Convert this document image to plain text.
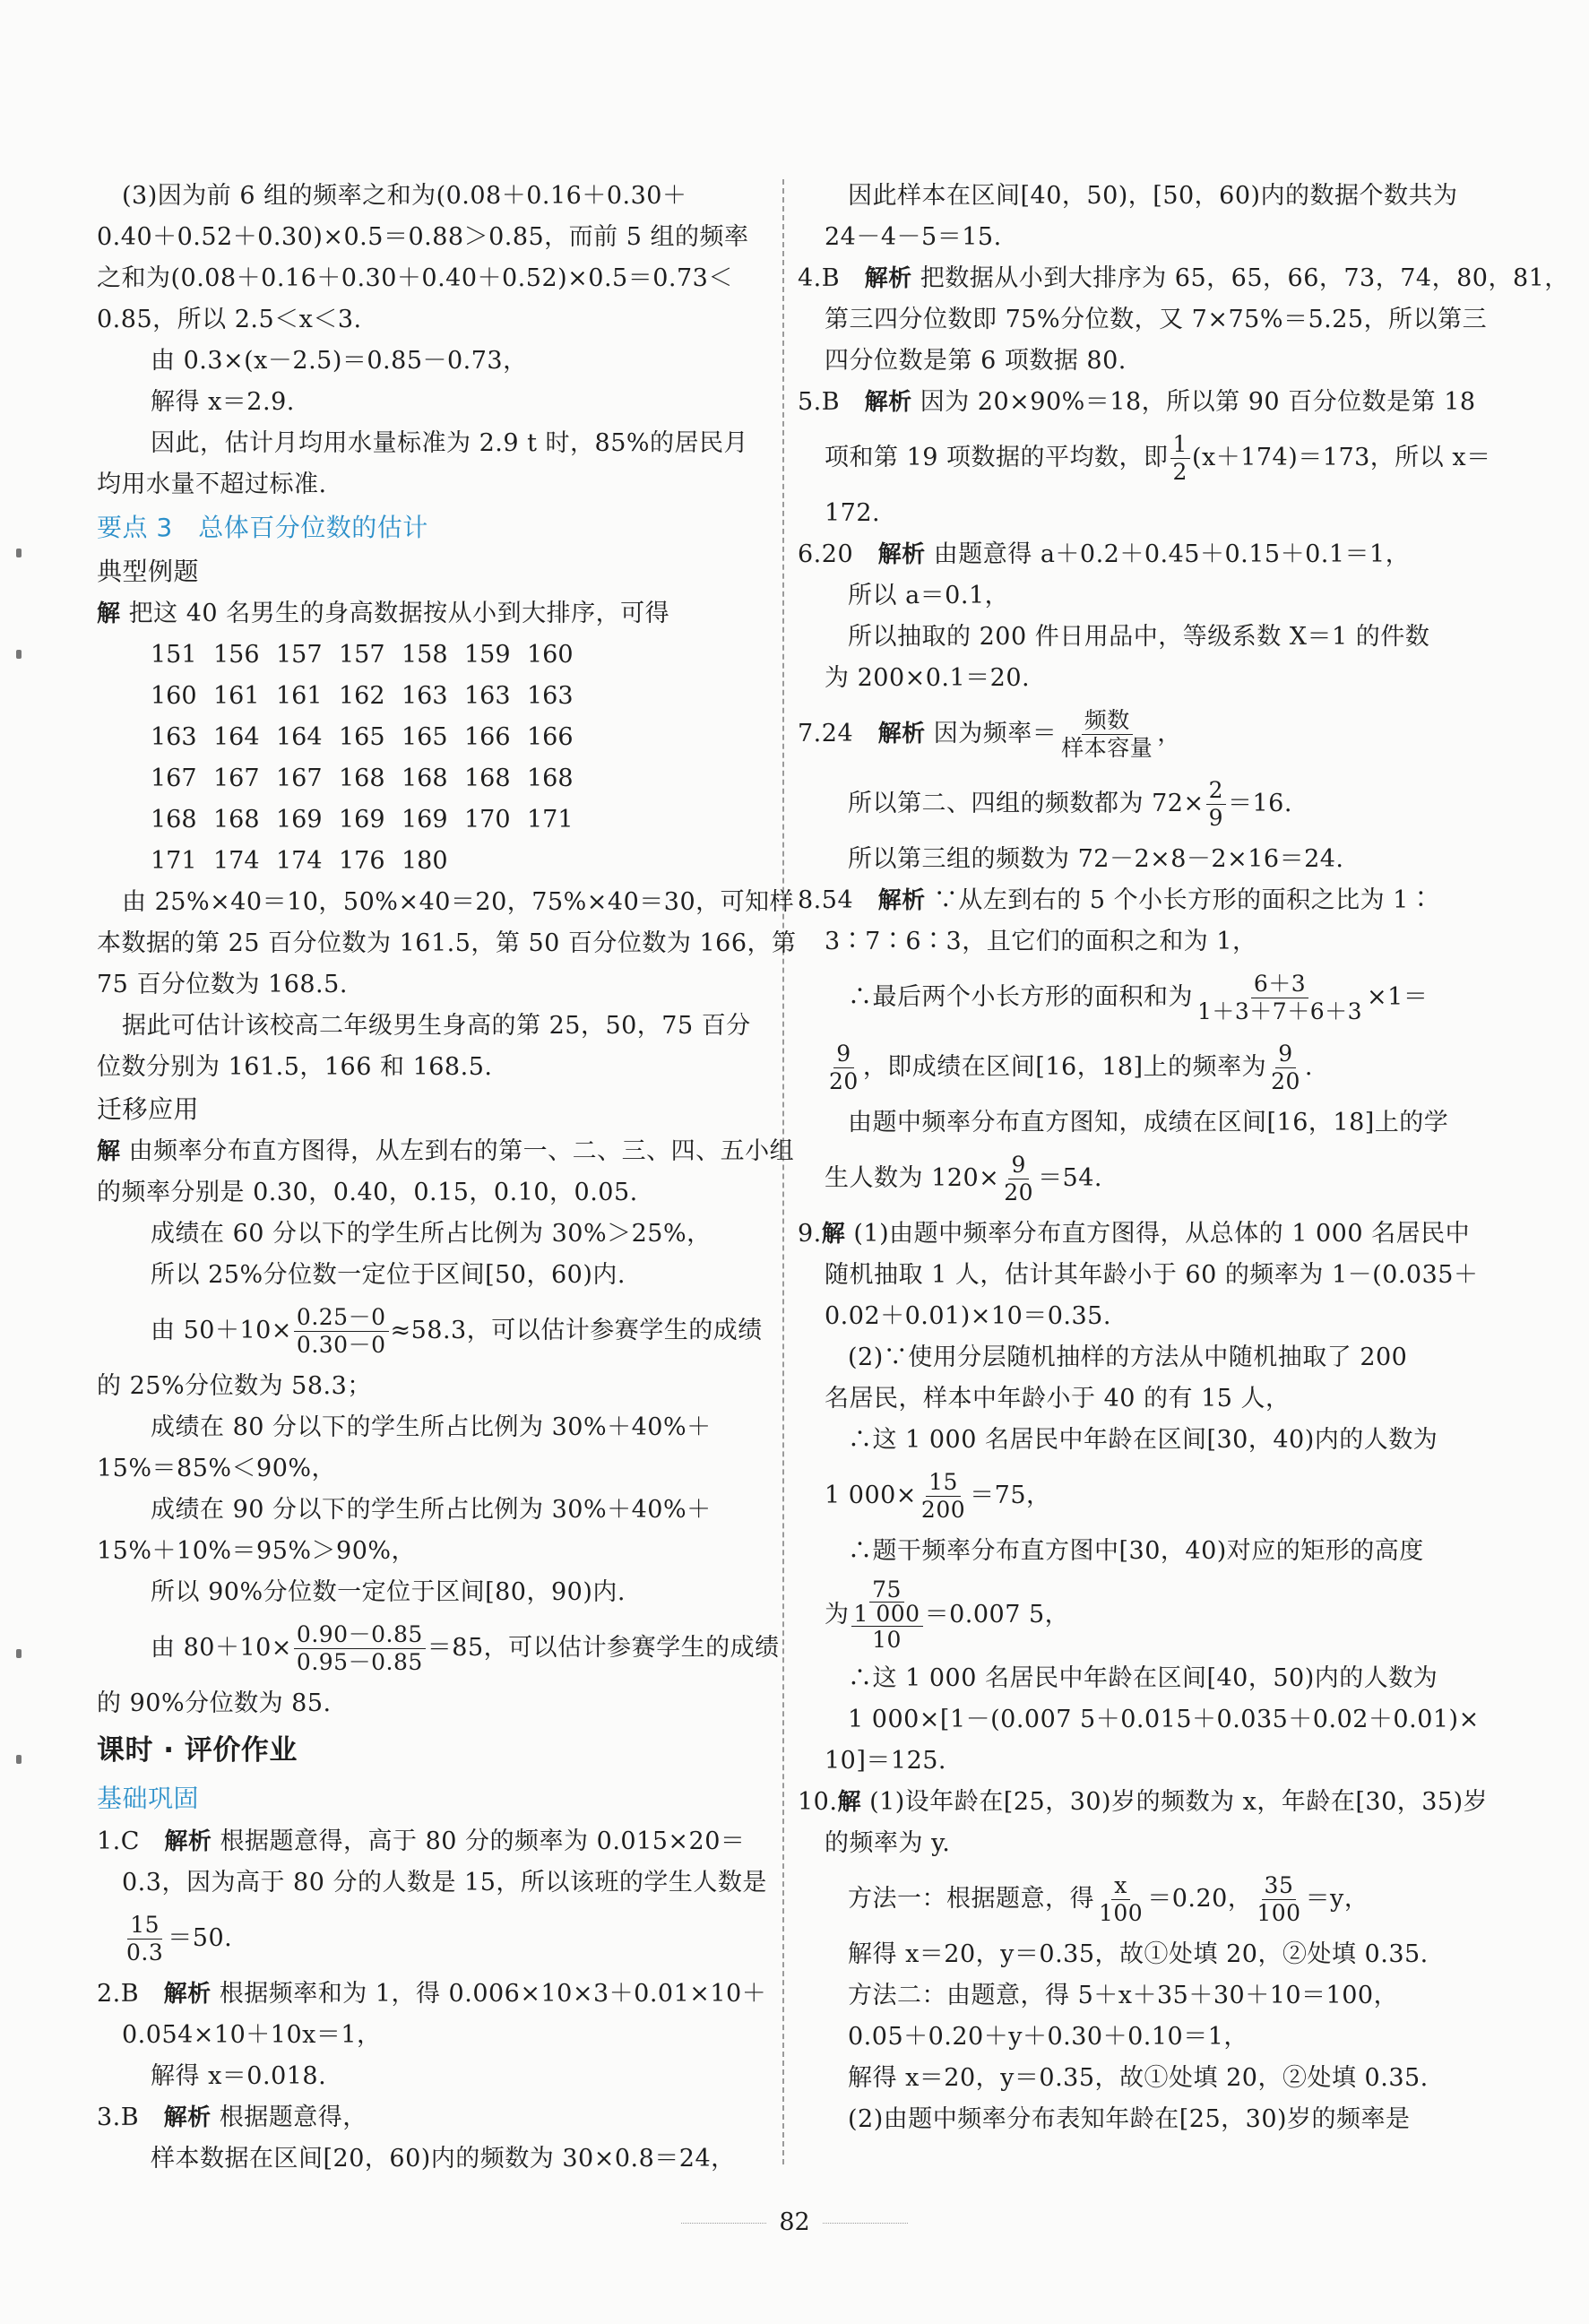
(3)因为前 6 组的频率之和为(0.08＋0.16＋0.30＋
0.40＋0.52＋0.30)×0.5＝0.88＞0.85，而前 5 组的频率
之和为(0.08＋0.16＋0.30＋0.40＋0.52)×0.5＝0.73＜
0.85，所以 2.5＜x＜3.
由 0.3×(x－2.5)＝0.85－0.73，
解得 x＝2.9.
因此，估计月均用水量标准为 2.9 t 时，85%的居民月
均用水量不超过标准.
要点 3　总体百分位数的估计
典型例题
解 把这 40 名男生的身高数据按从小到大排序，可得
151 156 157 157 158 159 160
160 161 161 162 163 163 163
163 164 164 165 165 166 166
167 167 167 168 168 168 168
168 168 169 169 169 170 171
171 174 174 176 180
由 25%×40＝10，50%×40＝20，75%×40＝30，可知样
本数据的第 25 百分位数为 161.5，第 50 百分位数为 166，第
75 百分位数为 168.5.
据此可估计该校高二年级男生身高的第 25，50，75 百分
位数分别为 161.5，166 和 168.5.
迁移应用
解 由频率分布直方图得，从左到右的第一、二、三、四、五小组
的频率分别是 0.30，0.40，0.15，0.10，0.05.
成绩在 60 分以下的学生所占比例为 30%＞25%，
所以 25%分位数一定位于区间[50，60)内.
由 $50+10\times \frac{0.25-0}{0.30-0} \approx 58.3$，可以估计参赛学生的成绩
的 25%分位数为 58.3；
成绩在 80 分以下的学生所占比例为 30%＋40%＋
15%＝85%＜90%，
成绩在 90 分以下的学生所占比例为 30%＋40%＋
15%＋10%＝95%＞90%，
所以 90%分位数一定位于区间[80，90)内.
由 $80+10\times \frac{0.90-0.85}{0.95-0.85} =85$，可以估计参赛学生的成绩
的 90%分位数为 85.
课时 · 评价作业
基础巩固
1.C　解析 根据题意得，高于 80 分的频率为 0.015×20＝
0.3，因为高于 80 分的人数是 15，所以该班的学生人数是
$\frac{15}{0.3} =50$.
2.B　解析 根据频率和为 1，得 0.006×10×3＋0.01×10＋
0.054×10＋10x＝1，
解得 x＝0.018.
3.B　解析 根据题意得，
样本数据在区间[20，60)内的频数为 30×0.8＝24，
因此样本在区间[40，50)，[50，60)内的数据个数共为
24－4－5＝15.
4.B　解析 把数据从小到大排序为 65，65，66，73，74，80，81，
第三四分位数即 75%分位数，又 7×75%＝5.25，所以第三
四分位数是第 6 项数据 80.
5.B　解析 因为 20×90%＝18，所以第 90 百分位数是第 18
项和第 19 项数据的平均数，即 $\frac{1}{2} (x+174)=173$，所以 x＝
172.
6.20　解析 由题意得 a＋0.2＋0.45＋0.15＋0.1＝1，
所以 a＝0.1，
所以抽取的 200 件日用品中，等级系数 X＝1 的件数
为 200×0.1＝20.
7.24　解析 因为频率＝ $\frac{\text{频数}}{\text{样本容量}}$ ，
所以第二、四组的频数都为 $72\times \frac{2}{9} =16$.
所以第三组的频数为 72－2×8－2×16＝24.
8.54　解析 ∵从左到右的 5 个小长方形的面积之比为 1∶
3∶7∶6∶3，且它们的面积之和为 1，
∴最后两个小长方形的面积和为 $\frac{6+3}{1+3+7+6+3} \times 1=$
$\frac{9}{20}$ ，即成绩在区间[16，18]上的频率为 $\frac{9}{20}$ .
由题中频率分布直方图知，成绩在区间[16，18]上的学
生人数为 $120\times \frac{9}{20} =54$.
9.解 (1)由题中频率分布直方图得，从总体的 1 000 名居民中
随机抽取 1 人，估计其年龄小于 60 的频率为 1－(0.035＋
0.02＋0.01)×10＝0.35.
(2)∵使用分层随机抽样的方法从中随机抽取了 200
名居民，样本中年龄小于 40 的有 15 人，
∴这 1 000 名居民中年龄在区间[30，40)内的人数为
1 $000\times \frac{15}{200} =75$，
∴题干频率分布直方图中[30，40)对应的矩形的高度
为 75
1 000
10 ＝0.007 5，
∴这 1 000 名居民中年龄在区间[40，50)内的人数为
1 000×[1－(0.007 5＋0.015＋0.035＋0.02＋0.01)×
10]＝125.
10.解 (1)设年龄在[25，30)岁的频数为 x，年龄在[30，35)岁
的频率为 y.
方法一：根据题意，得 $\frac{x}{100} =0.20$， $\frac{35}{100} =y$，
解得 x＝20，y＝0.35，故①处填 20，②处填 0.35.
方法二：由题意，得 5＋x＋35＋30＋10＝100，
0.05＋0.20＋y＋0.30＋0.10＝1，
解得 x＝20，y＝0.35，故①处填 20，②处填 0.35.
(2)由题中频率分布表知年龄在[25，30)岁的频率是
82
